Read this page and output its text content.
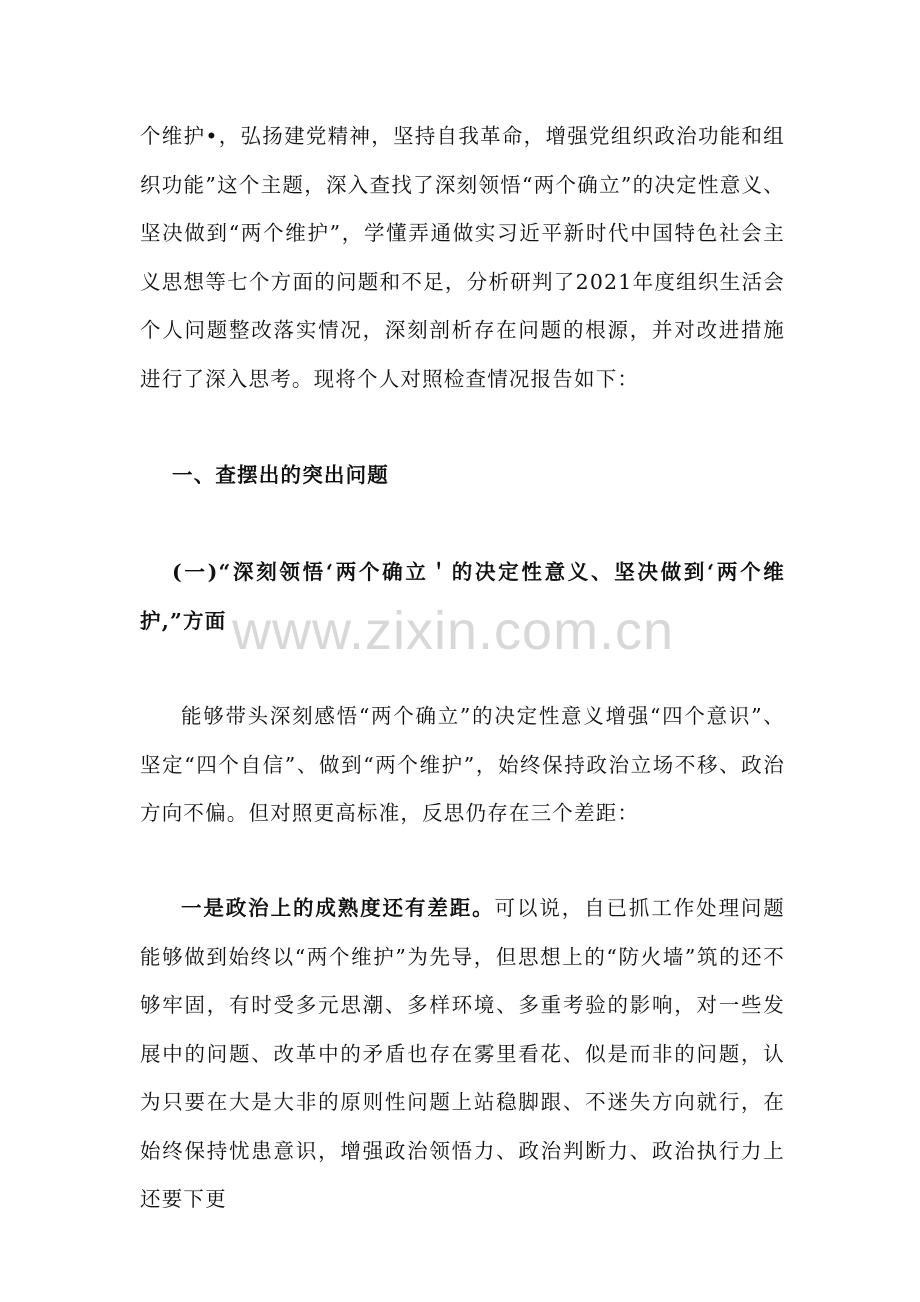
个维护•，弘扬建党精神，坚持自我革命，增强党组织政治功能和组织功能”这个主题，深入查找了深刻领悟“两个确立”的决定性意义、坚决做到“两个维护”，学懂弄通做实习近平新时代中国特色社会主义思想等七个方面的问题和不足，分析研判了2021年度组织生活会个人问题整改落实情况，深刻剖析存在问题的根源，并对改进措施进行了深入思考。现将个人对照检查情况报告如下：

一、查摆出的突出问题

(一)“深刻领悟‘两个确立＇的决定性意义、坚决做到‘两个维护,”方面

能够带头深刻感悟“两个确立”的决定性意义增强“四个意识”、坚定“四个自信”、做到“两个维护”，始终保持政治立场不移、政治方向不偏。但对照更高标准，反思仍存在三个差距：

一是政治上的成熟度还有差距。可以说，自已抓工作处理问题能够做到始终以“两个维护”为先导，但思想上的“防火墙”筑的还不够牢固，有时受多元思潮、多样环境、多重考验的影响，对一些发展中的问题、改革中的矛盾也存在雾里看花、似是而非的问题，认为只要在大是大非的原则性问题上站稳脚跟、不迷失方向就行，在始终保持忧患意识，增强政治领悟力、政治判断力、政治执行力上还要下更

www.zixin.com.cn
